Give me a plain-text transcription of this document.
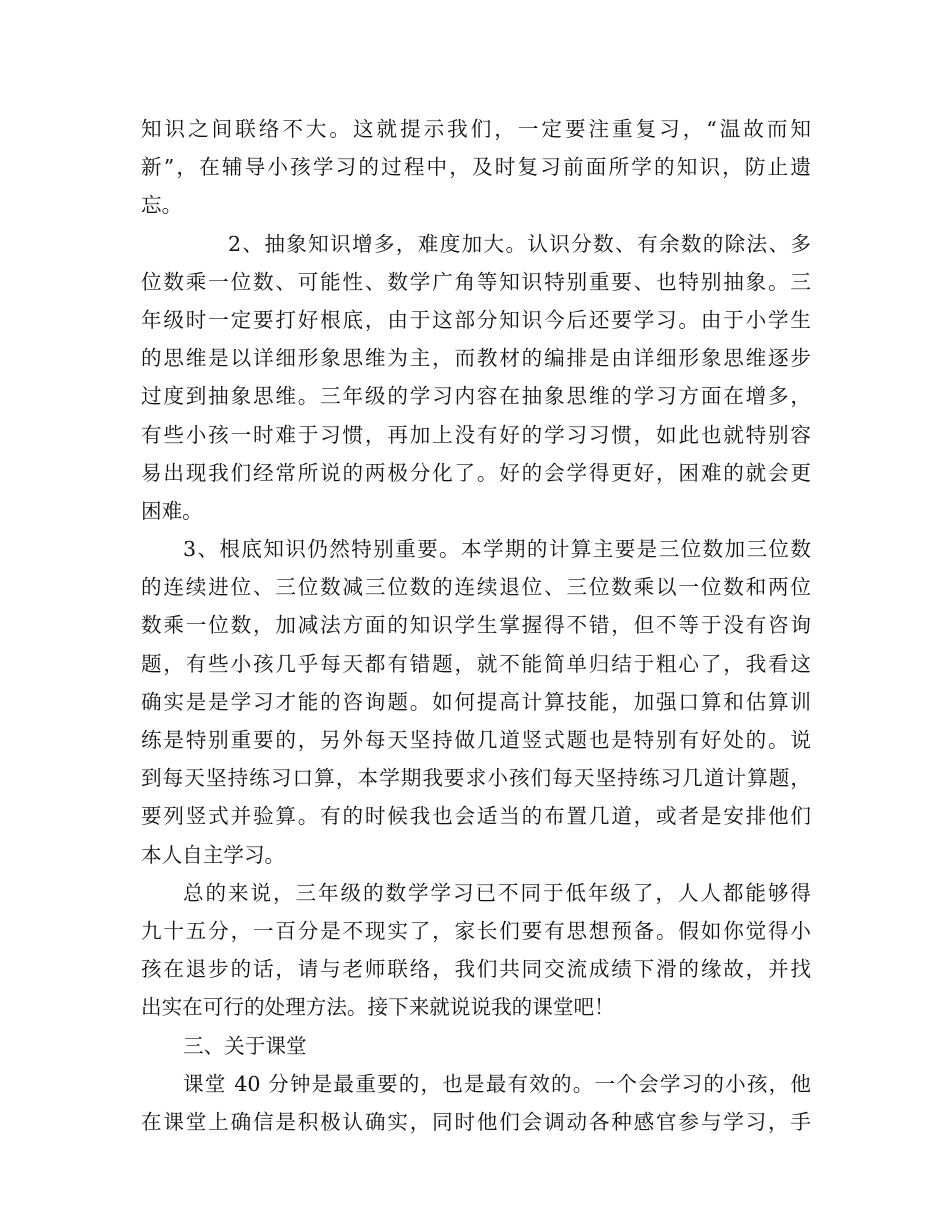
知识之间联络不大。这就提示我们，一定要注重复习，“温故而知
新”，在辅导小孩学习的过程中，及时复习前面所学的知识，防止遗
忘。
2、抽象知识增多，难度加大。认识分数、有余数的除法、多
位数乘一位数、可能性、数学广角等知识特别重要、也特别抽象。三
年级时一定要打好根底，由于这部分知识今后还要学习。由于小学生
的思维是以详细形象思维为主，而教材的编排是由详细形象思维逐步
过度到抽象思维。三年级的学习内容在抽象思维的学习方面在增多，
有些小孩一时难于习惯，再加上没有好的学习习惯，如此也就特别容
易出现我们经常所说的两极分化了。好的会学得更好，困难的就会更
困难。
3、根底知识仍然特别重要。本学期的计算主要是三位数加三位数
的连续进位、三位数减三位数的连续退位、三位数乘以一位数和两位
数乘一位数，加减法方面的知识学生掌握得不错，但不等于没有咨询
题，有些小孩几乎每天都有错题，就不能简单归结于粗心了，我看这
确实是是学习才能的咨询题。如何提高计算技能，加强口算和估算训
练是特别重要的，另外每天坚持做几道竖式题也是特别有好处的。说
到每天坚持练习口算，本学期我要求小孩们每天坚持练习几道计算题，
要列竖式并验算。有的时候我也会适当的布置几道，或者是安排他们
本人自主学习。
总的来说，三年级的数学学习已不同于低年级了，人人都能够得
九十五分，一百分是不现实了，家长们要有思想预备。假如你觉得小
孩在退步的话，请与老师联络，我们共同交流成绩下滑的缘故，并找
出实在可行的处理方法。接下来就说说我的课堂吧！
三、关于课堂
课堂 40 分钟是最重要的，也是最有效的。一个会学习的小孩，他
在课堂上确信是积极认确实，同时他们会调动各种感官参与学习，手
